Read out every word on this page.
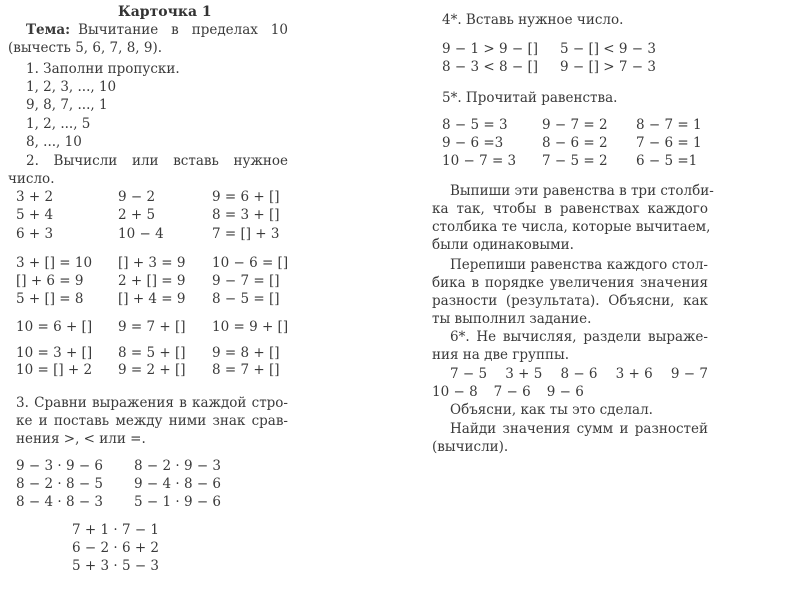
Карточка 1
Тема: Вычитание в пределах 10
(вычесть 5, 6, 7, 8, 9).
1. Заполни пропуски.
1, 2, 3, ..., 10
9, 8, 7, ..., 1
1, 2, ..., 5
8, ..., 10
2. Вычисли или вставь нужное
число.
3 + 2	9 − 2	9 = 6 + []
5 + 4	2 + 5	8 = 3 + []
6 + 3	10 − 4	7 = [] + 3
3 + [] = 10	[] + 3 = 9	10 − 6 = []
[] + 6 = 9	2 + [] = 9	9 − 7 = []
5 + [] = 8	[] + 4 = 9	8 − 5 = []
10 = 6 + []	9 = 7 + []	10 = 9 + []
10 = 3 + []	8 = 5 + []	9 = 8 + []
10 = [] + 2	9 = 2 + []	8 = 7 + []
3. Сравни выражения в каждой стро-
ке и поставь между ними знак срав-
нения >, < или =.
9 − 3 · 9 − 6	8 − 2 · 9 − 3
8 − 2 · 8 − 5	9 − 4 · 8 − 6
8 − 4 · 8 − 3	5 − 1 · 9 − 6
7 + 1 · 7 − 1
6 − 2 · 6 + 2
5 + 3 · 5 − 3
4*. Вставь нужное число.
9 − 1 > 9 − []	5 − [] < 9 − 3
8 − 3 < 8 − []	9 − [] > 7 − 3
5*. Прочитай равенства.
8 − 5 = 3	9 − 7 = 2	8 − 7 = 1
9 − 6 =3	8 − 6 = 2	7 − 6 = 1
10 − 7 = 3	7 − 5 = 2	6 − 5 =1
Выпиши эти равенства в три столби-
ка так, чтобы в равенствах каждого
столбика те числа, которые вычитаем,
были одинаковыми.
Перепиши равенства каждого стол-
бика в порядке увеличения значения
разности (результата). Объясни, как
ты выполнил задание.
6*. Не вычисляя, раздели выраже-
ния на две группы.
7 − 5 3 + 5 8 − 6 3 + 6 9 − 7
10 − 8 7 − 6 9 − 6
Объясни, как ты это сделал.
Найди значения сумм и разностей
(вычисли).
